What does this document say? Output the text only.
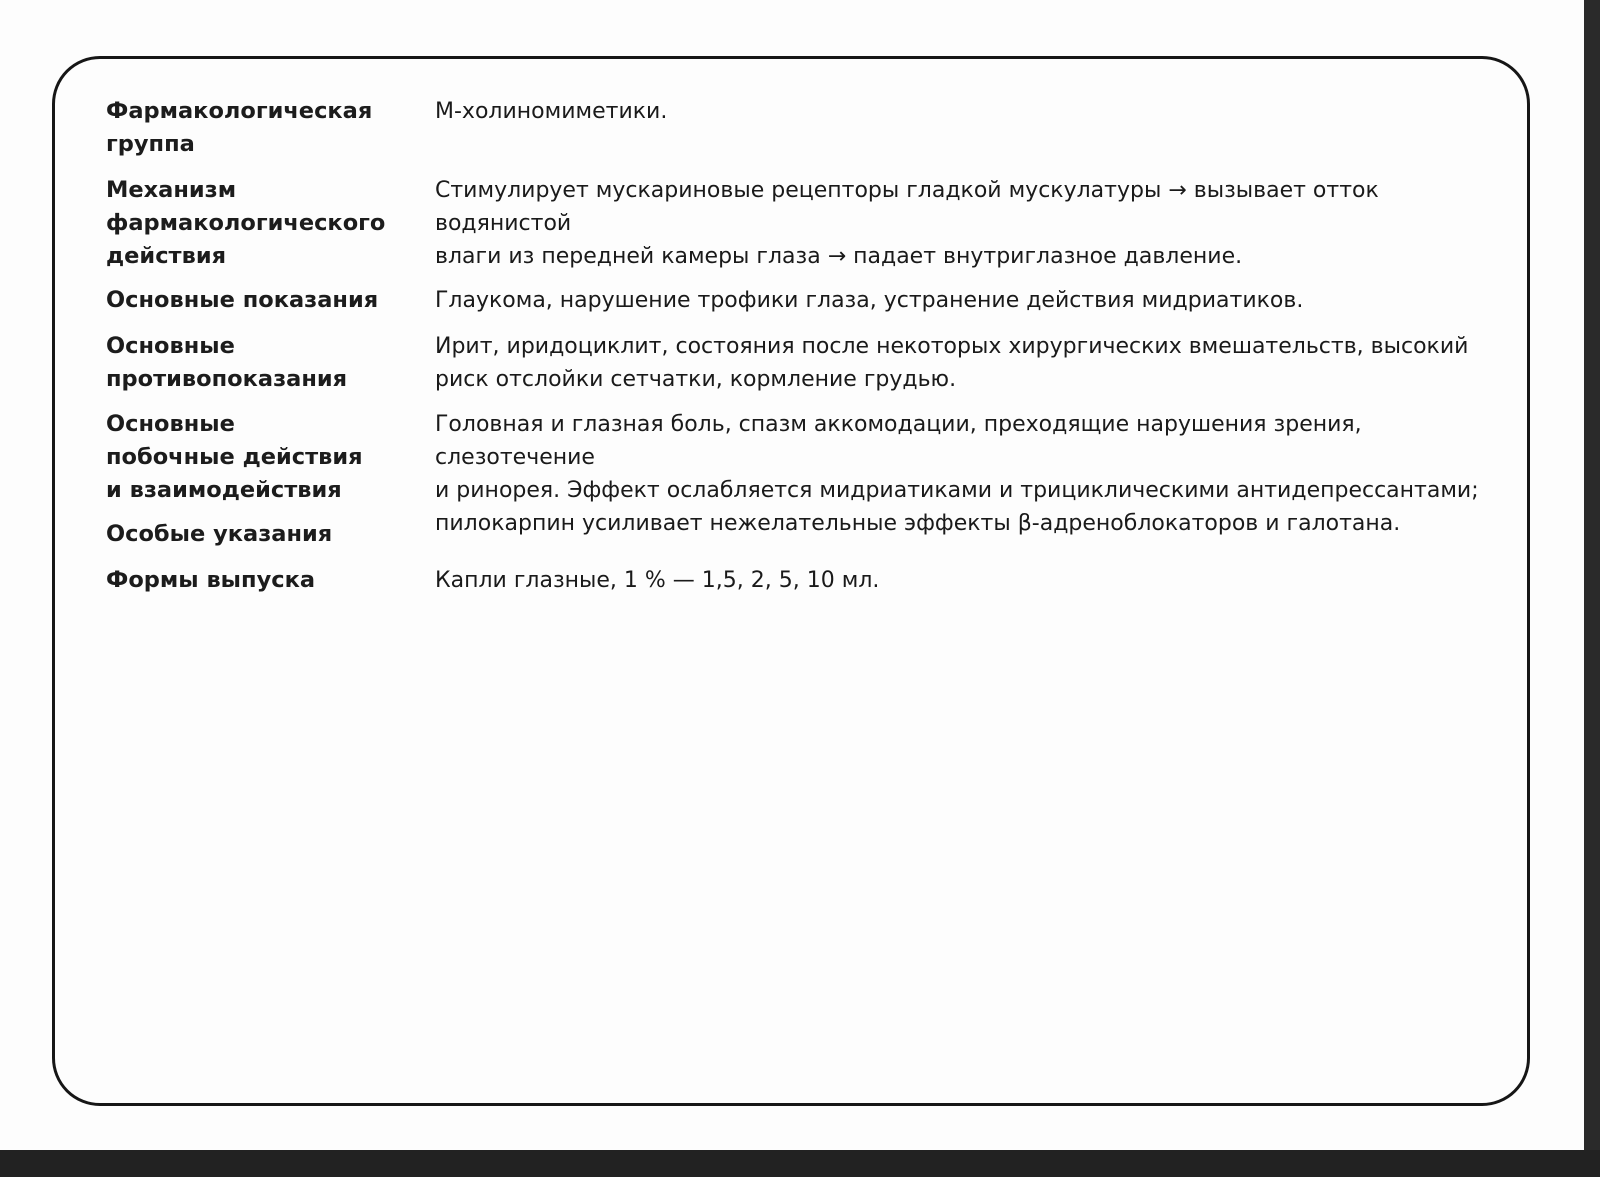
Фармакологическая
группа
М-холиномиметики.
Механизм
фармакологического
действия
Стимулирует мускариновые рецепторы гладкой мускулатуры → вызывает отток водянистой
влаги из передней камеры глаза → падает внутриглазное давление.
Основные показания	Глаукома, нарушение трофики глаза, устранение действия мидриатиков.
Основные
противопоказания
Ирит, иридоциклит, состояния после некоторых хирургических вмешательств, высокий
риск отслойки сетчатки, кормление грудью.
Основные
побочные действия
и взаимодействия
Головная и глазная боль, спазм аккомодации, преходящие нарушения зрения, слезотечение
и ринорея. Эффект ослабляется мидриатиками и трициклическими антидепрессантами;
пилокарпин усиливает нежелательные эффекты β-адреноблокаторов и галотана.
Особые указания
Формы выпуска	Капли глазные, 1 % — 1,5, 2, 5, 10 мл.
